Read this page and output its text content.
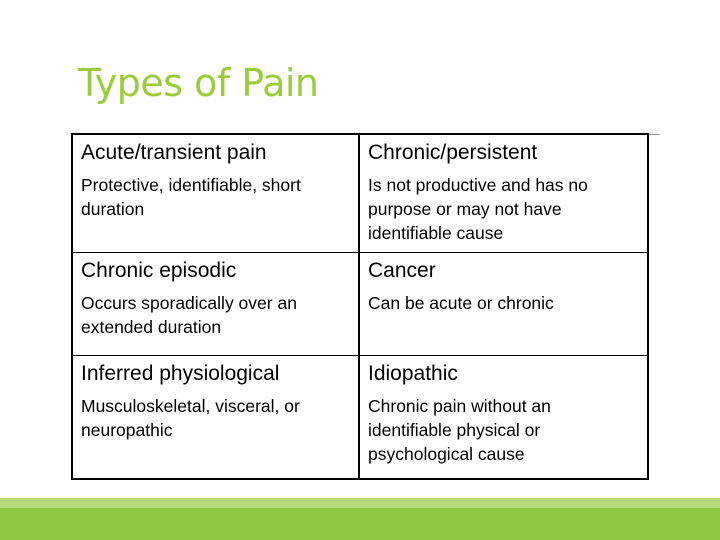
Types of Pain

Acute/transient pain

Protective, identifiable, short duration

Chronic/persistent

Is not productive and has no purpose or may not have identifiable cause

Chronic episodic

Occurs sporadically over an extended duration

Cancer

Can be acute or chronic

Inferred physiological

Musculoskeletal, visceral, or neuropathic

Idiopathic

Chronic pain without an identifiable physical or psychological cause
